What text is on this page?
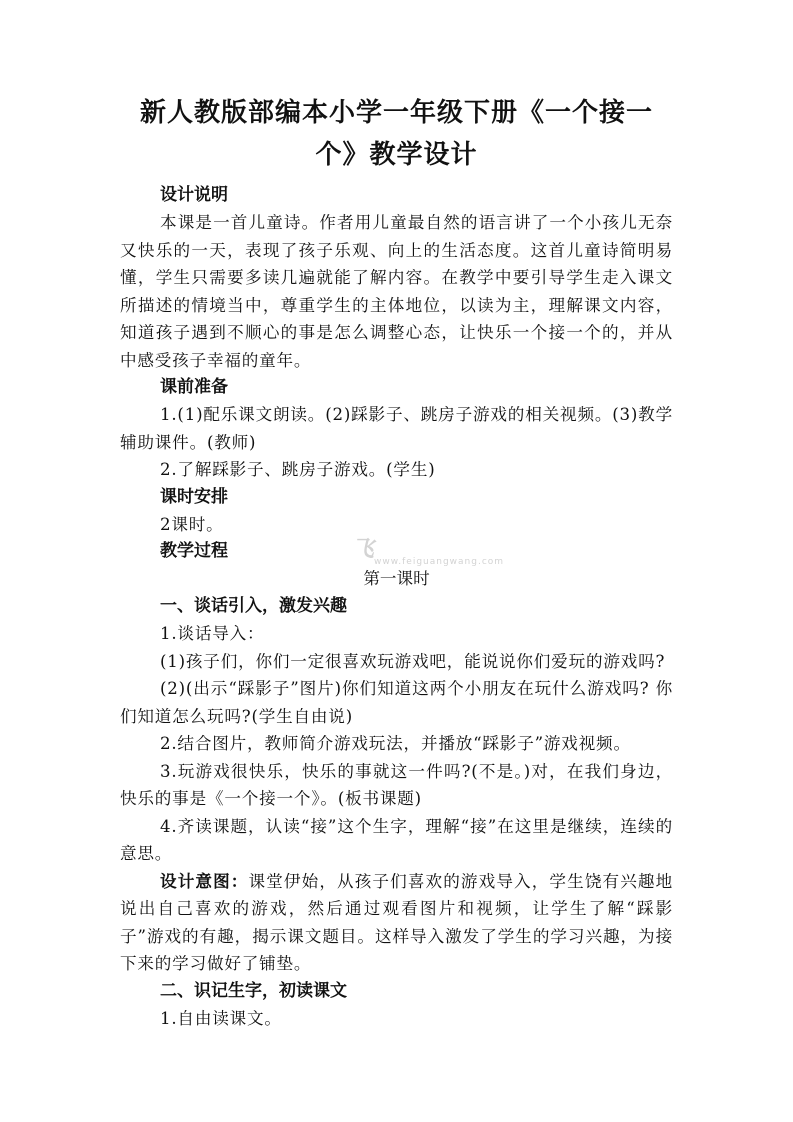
新人教版部编本小学一年级下册《一个接一个》教学设计

设计说明

本课是一首儿童诗。作者用儿童最自然的语言讲了一个小孩儿无奈又快乐的一天，表现了孩子乐观、向上的生活态度。这首儿童诗简明易懂，学生只需要多读几遍就能了解内容。在教学中要引导学生走入课文所描述的情境当中，尊重学生的主体地位，以读为主，理解课文内容，知道孩子遇到不顺心的事是怎么调整心态，让快乐一个接一个的，并从中感受孩子幸福的童年。

课前准备

1.(1)配乐课文朗读。(2)踩影子、跳房子游戏的相关视频。(3)教学辅助课件。(教师)

2.了解踩影子、跳房子游戏。(学生)

课时安排

2课时。

教学过程

第一课时

一、谈话引入，激发兴趣

1.谈话导入：

(1)孩子们，你们一定很喜欢玩游戏吧，能说说你们爱玩的游戏吗?

(2)(出示“踩影子”图片)你们知道这两个小朋友在玩什么游戏吗? 你们知道怎么玩吗?(学生自由说)

2.结合图片，教师简介游戏玩法，并播放“踩影子”游戏视频。

3.玩游戏很快乐，快乐的事就这一件吗?(不是。)对，在我们身边，快乐的事是《一个接一个》。(板书课题)

4.齐读课题，认读“接”这个生字，理解“接”在这里是继续，连续的意思。

设计意图：课堂伊始，从孩子们喜欢的游戏导入，学生饶有兴趣地说出自己喜欢的游戏，然后通过观看图片和视频，让学生了解“踩影子”游戏的有趣，揭示课文题目。这样导入激发了学生的学习兴趣，为接下来的学习做好了铺垫。

二、识记生字，初读课文

1.自由读课文。

飞
www.feiguangwang.com
